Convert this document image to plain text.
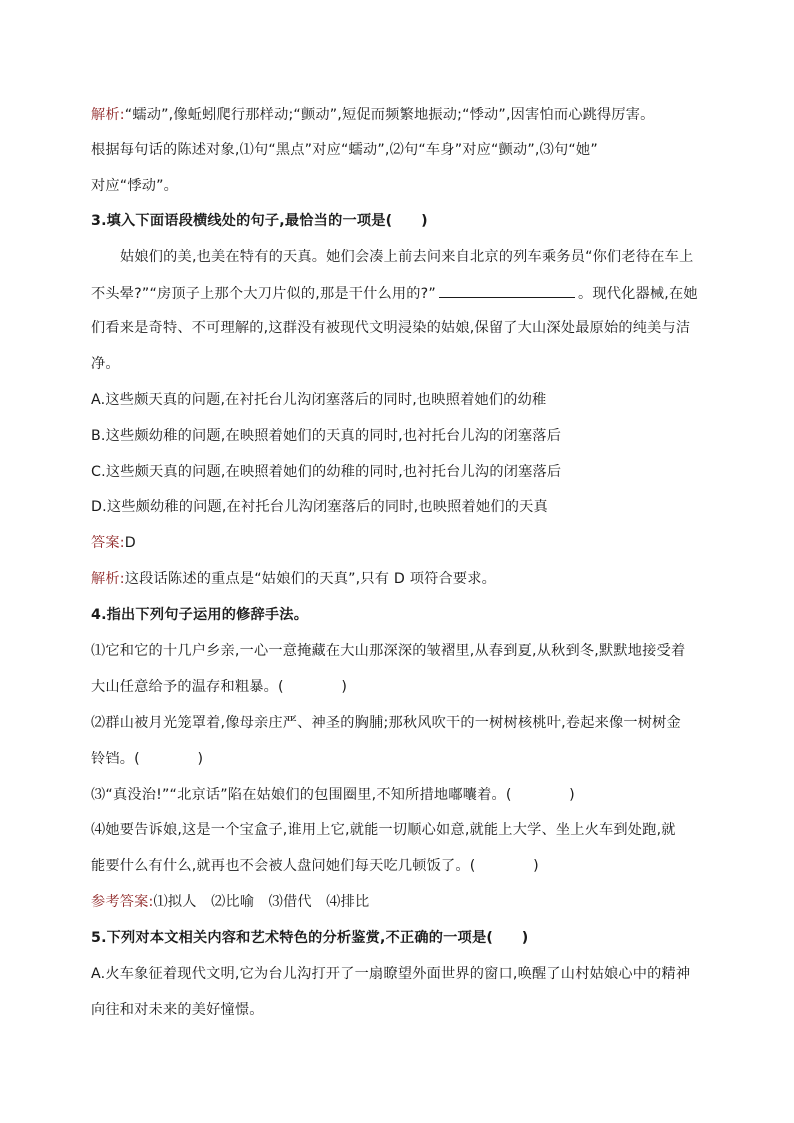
解析:“蠕动”,像蚯蚓爬行那样动;“颤动”,短促而频繁地振动;“悸动”,因害怕而心跳得厉害。
根据每句话的陈述对象,⑴句“黑点”对应“蠕动”,⑵句“车身”对应“颤动”,⑶句“她”
对应“悸动”。
3.填入下面语段横线处的句子,最恰当的一项是(　　)
姑娘们的美,也美在特有的天真。她们会凑上前去问来自北京的列车乘务员“你们老待在车上
不头晕?”“房顶子上那个大刀片似的,那是干什么用的?”	。现代化器械,在她
们看来是奇特、不可理解的,这群没有被现代文明浸染的姑娘,保留了大山深处最原始的纯美与洁
净。
A.这些颇天真的问题,在衬托台儿沟闭塞落后的同时,也映照着她们的幼稚
B.这些颇幼稚的问题,在映照着她们的天真的同时,也衬托台儿沟的闭塞落后
C.这些颇天真的问题,在映照着她们的幼稚的同时,也衬托台儿沟的闭塞落后
D.这些颇幼稚的问题,在衬托台儿沟闭塞落后的同时,也映照着她们的天真
答案:D
解析:这段话陈述的重点是“姑娘们的天真”,只有 D 项符合要求。
4.指出下列句子运用的修辞手法。
⑴它和它的十几户乡亲,一心一意掩藏在大山那深深的皱褶里,从春到夏,从秋到冬,默默地接受着
大山任意给予的温存和粗暴。(　　　　)
⑵群山被月光笼罩着,像母亲庄严、神圣的胸脯;那秋风吹干的一树树核桃叶,卷起来像一树树金
铃铛。(　　　　)
⑶“真没治!”“北京话”陷在姑娘们的包围圈里,不知所措地嘟囔着。(　　　　)
⑷她要告诉娘,这是一个宝盒子,谁用上它,就能一切顺心如意,就能上大学、坐上火车到处跑,就
能要什么有什么,就再也不会被人盘问她们每天吃几顿饭了。(　　　　)
参考答案:⑴拟人　⑵比喻　⑶借代　⑷排比
5.下列对本文相关内容和艺术特色的分析鉴赏,不正确的一项是(　　)
A.火车象征着现代文明,它为台儿沟打开了一扇瞭望外面世界的窗口,唤醒了山村姑娘心中的精神
向往和对未来的美好憧憬。
